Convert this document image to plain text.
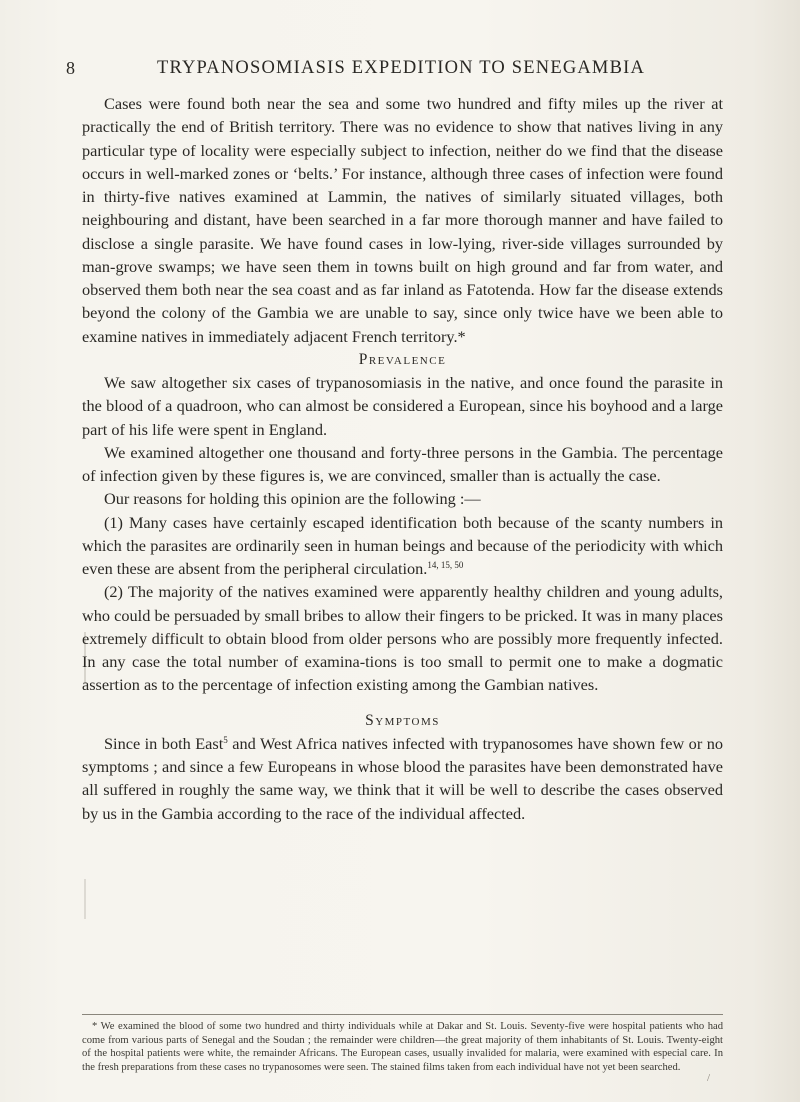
8	TRYPANOSOMIASIS EXPEDITION TO SENEGAMBIA

Cases were found both near the sea and some two hundred and fifty miles up the river at practically the end of British territory. There was no evidence to show that natives living in any particular type of locality were especially subject to infection, neither do we find that the disease occurs in well-marked zones or ‘belts.’ For instance, although three cases of infection were found in thirty-five natives examined at Lammin, the natives of similarly situated villages, both neighbouring and distant, have been searched in a far more thorough manner and have failed to disclose a single parasite. We have found cases in low-lying, river-side villages surrounded by man-grove swamps; we have seen them in towns built on high ground and far from water, and observed them both near the sea coast and as far inland as Fatotenda. How far the disease extends beyond the colony of the Gambia we are unable to say, since only twice have we been able to examine natives in immediately adjacent French territory.*

Prevalence

We saw altogether six cases of trypanosomiasis in the native, and once found the parasite in the blood of a quadroon, who can almost be considered a European, since his boyhood and a large part of his life were spent in England.

We examined altogether one thousand and forty-three persons in the Gambia. The percentage of infection given by these figures is, we are convinced, smaller than is actually the case.

Our reasons for holding this opinion are the following :—

(1) Many cases have certainly escaped identification both because of the scanty numbers in which the parasites are ordinarily seen in human beings and because of the periodicity with which even these are absent from the peripheral circulation.$^{14, 15, 50}$

(2) The majority of the natives examined were apparently healthy children and young adults, who could be persuaded by small bribes to allow their fingers to be pricked. It was in many places extremely difficult to obtain blood from older persons who are possibly more frequently infected. In any case the total number of examina-tions is too small to permit one to make a dogmatic assertion as to the percentage of infection existing among the Gambian natives.

Symptoms

Since in both East$^5$ and West Africa natives infected with trypanosomes have shown few or no symptoms ; and since a few Europeans in whose blood the parasites have been demonstrated have all suffered in roughly the same way, we think that it will be well to describe the cases observed by us in the Gambia according to the race of the individual affected.

* We examined the blood of some two hundred and thirty individuals while at Dakar and St. Louis. Seventy-five were hospital patients who had come from various parts of Senegal and the Soudan ; the remainder were children—the great majority of them inhabitants of St. Louis. Twenty-eight of the hospital patients were white, the remainder Africans. The European cases, usually invalided for malaria, were examined with especial care. In the fresh preparations from these cases no trypanosomes were seen. The stained films taken from each individual have not yet been searched.

/
